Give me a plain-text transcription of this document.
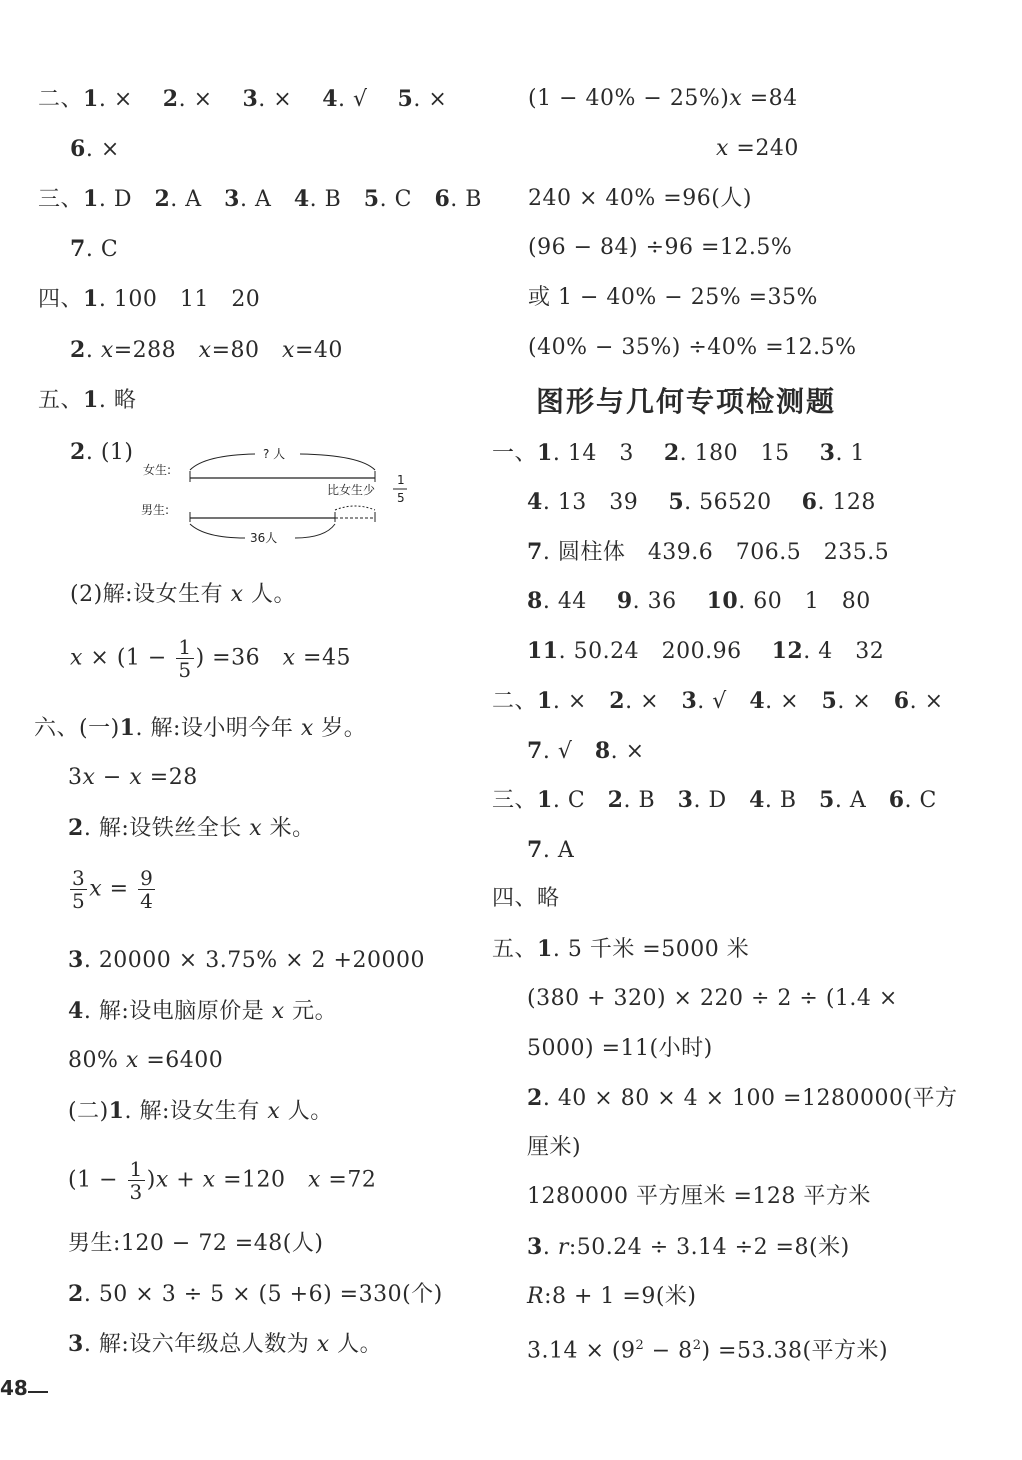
二、1. × 2. × 3. × 4. √ 5. ×
6. ×
三、1. D 2. A 3. A 4. B 5. C 6. B
7. C
四、1. 100　11　20
2. x=288　x=80　x=40
五、1. 略
2. (1)
女生:
男生:
? 人
比女生少
1
5
36人
(2)解:设女生有 x 人。
$x \times (1 - \frac{1}{5}$ ) =36　x =45
六、(一)1. 解:设小明今年 x 岁。
3x − x =28
2. 解:设铁丝全长 x 米。
$\frac{3}{5}$ $x = \frac{9}{4}$
3. 20000 × 3.75% × 2 +20000
4. 解:设电脑原价是 x 元。
80% x =6400
(二)1. 解:设女生有 x 人。
$(1 - \frac{1}{3} )x + x =120$　x =72
男生:120 − 72 =48(人)
2. 50 × 3 ÷ 5 × (5 +6) =330(个)
3. 解:设六年级总人数为 x 人。
(1 − 40% − 25%)x =84
x =240
240 × 40% =96(人)
(96 − 84) ÷96 =12.5%
或 1 − 40% − 25% =35%
(40% − 35%) ÷40% =12.5%
图形与几何专项检测题
一、1. 14　3　 2. 180　15　 3. 1
4. 13　39　 5. 56520　 6. 128
7. 圆柱体　439.6　706.5　235.5
8. 44　 9. 36　 10. 60　1　80
11. 50.24　200.96　 12. 4　32
二、1. × 2. × 3. √ 4. × 5. × 6. ×
7. √ 8. ×
三、1. C 2. B 3. D 4. B 5. A 6. C
7. A
四、略
五、1. 5 千米 =5000 米
(380 + 320) × 220 ÷ 2 ÷ (1.4 ×
5000) =11(小时)
2. 40 × 80 × 4 × 100 =1280000(平方
厘米)
1280000 平方厘米 =128 平方米
3. r:50.24 ÷ 3.14 ÷2 =8(米)
R:8 + 1 =9(米)
$3.14 \times (9^2 - 8^2) =53.38$(平方米)
48
